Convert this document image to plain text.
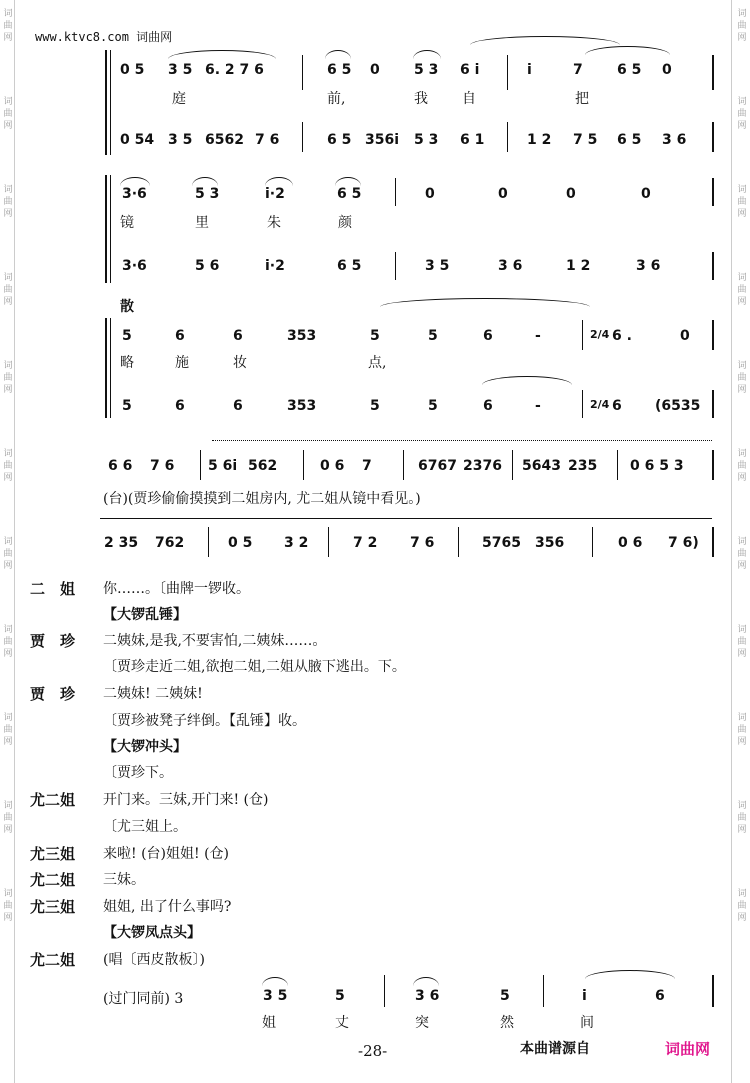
词曲网
词曲网
词曲网
词曲网
词曲网
词曲网
词曲网
词曲网
词曲网
词曲网
词曲网
词曲网
词曲网
词曲网
词曲网
词曲网
词曲网
词曲网
词曲网
词曲网
词曲网
词曲网
www.ktvc8.com 词曲网
0 5 3 5 6. 2 7 6	6 5 0 5 3 6 i	i	7 6 5 0
庭	前,	我 自	把
0 54 3 5 6562 7 6	6 5 356i 5 3 6 1	1 2 7 5 6 5 3 6
3·6	5 3	i·2	6 5	0	0	0	0
镜	里	朱	颜
3·6	5 6	i·2	6 5	3 5	3 6	1 2	3 6
散
5	6	6	353	5	5	6	-	2/4 6 .	0
略	施	妆	点,
5	6	6	353	5	5	6	-	2/4 6 (6535
6 6 7 6 5 6i 562	0 6 7	6767 2376 5643 235 0 6 5 3
(台)(贾珍偷偷摸摸到二姐房内, 尤二姐从镜中看见。)
2 35 762	0 5 3 2	7 2 7 6	5765 356	0 6 7 6)
二　姐 你……。〔曲牌一锣收。
【大锣乱锤】
贾　珍 二姨妹,是我,不要害怕,二姨妹……。
〔贾珍走近二姐,欲抱二姐,二姐从腋下逃出。下。
贾　珍 二姨妹! 二姨妹!
〔贾珍被凳子绊倒。【乱锤】收。
【大锣冲头】
〔贾珍下。
尤二姐 开门来。三妹,开门来! (仓)
〔尤三姐上。
尤三姐 来啦! (台)姐姐! (仓)
尤二姐 三妹。
尤三姐 姐姐, 出了什么事吗?
【大锣凤点头】
尤二姐 (唱〔西皮散板〕)
(过门同前) 3	3 5	5	3 6	5	i	6
姐	丈	突	然	间
-28-	本曲谱源自	词曲网
